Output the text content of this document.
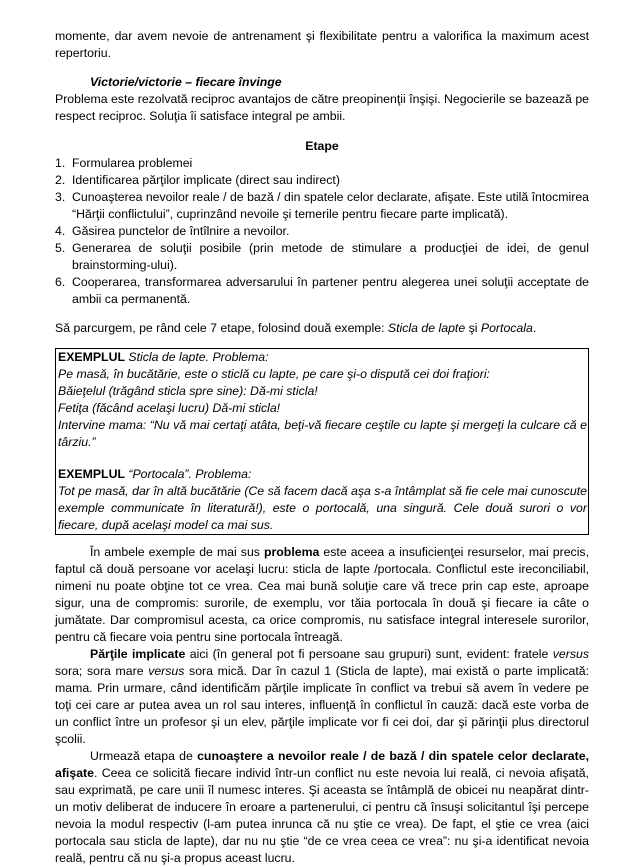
momente, dar avem nevoie de antrenament şi flexibilitate pentru a valorifica la maximum acest repertoriu.

Victorie/victorie – fiecare învinge

Problema este rezolvată reciproc avantajos de către preopinenţii înşişi. Negocierile se bazează pe respect reciproc. Soluţia îi satisface integral pe ambii.

Etape

1. Formularea problemei
2. Identificarea părţilor implicate (direct sau indirect)
3. Cunoaşterea nevoilor reale / de bază / din spatele celor declarate, afişate. Este utilă întocmirea “Hărţii conflictului”, cuprinzând nevoile şi temerile pentru fiecare parte implicată).
4. Găsirea punctelor de întîlnire a nevoilor.
5. Generarea de soluţii posibile (prin metode de stimulare a producţiei de idei, de genul brainstorming-ului).
6. Cooperarea, transformarea adversarului în partener pentru alegerea unei soluţii acceptate de ambii ca permanentă.

Să parcurgem, pe rând cele 7 etape, folosind două exemple: Sticla de lapte şi Portocala.

EXEMPLUL Sticla de lapte. Problema:

Pe masă, în bucătărie, este o sticlă cu lapte, pe care şi-o dispută cei doi fraţiori:

Băieţelul (trăgând sticla spre sine): Dă-mi sticla!

Fetiţa (făcând acelaşi lucru) Dă-mi sticla!

Intervine mama: “Nu vă mai certaţi atâta, beţi-vă fiecare ceştile cu lapte şi mergeţi la culcare că e târziu.”

EXEMPLUL “Portocala”. Problema:

Tot pe masă, dar în altă bucătărie (Ce să facem dacă aşa s-a întâmplat să fie cele mai cunoscute exemple communicate în literatură!), este o portocală, una singură. Cele două surori o vor fiecare, după acelaşi model ca mai sus.

În ambele exemple de mai sus problema este aceea a insuficienţei resurselor, mai precis, faptul că două persoane vor acelaşi lucru: sticla de lapte /portocala. Conflictul este ireconciliabil, nimeni nu poate obţine tot ce vrea. Cea mai bună soluţie care vă trece prin cap este, aproape sigur, una de compromis: surorile, de exemplu, vor tăia portocala în două şi fiecare ia câte o jumătate. Dar compromisul acesta, ca orice compromis, nu satisface integral interesele surorilor, pentru că fiecare voia pentru sine portocala întreagă.

Părţile implicate aici (în general pot fi persoane sau grupuri) sunt, evident: fratele versus sora; sora mare versus sora mică. Dar în cazul 1 (Sticla de lapte), mai există o parte implicată: mama. Prin urmare, când identificăm părţile implicate în conflict va trebui să avem în vedere pe toţi cei care ar putea avea un rol sau interes, influenţă în conflictul în cauză: dacă este vorba de un conflict între un profesor şi un elev, părţile implicate vor fi cei doi, dar şi părinţii plus directorul şcolii.

Urmează etapa de cunoaştere a nevoilor reale / de bază / din spatele celor declarate, afişate. Ceea ce solicită fiecare individ într-un conflict nu este nevoia lui reală, ci nevoia afişată, sau exprimată, pe care unii îl numesc interes. Şi aceasta se întâmplă de obicei nu neapărat dintr-un motiv deliberat de inducere în eroare a partenerului, ci pentru că însuşi solicitantul îşi percepe nevoia la modul respectiv (l-am putea inrunca că nu ştie ce vrea). De fapt, el ştie ce vrea (aici portocala sau sticla de lapte), dar nu nu ştie “de ce vrea ceea ce vrea”: nu şi-a identificat nevoia reală, pentru că nu şi-a propus aceast lucru.
